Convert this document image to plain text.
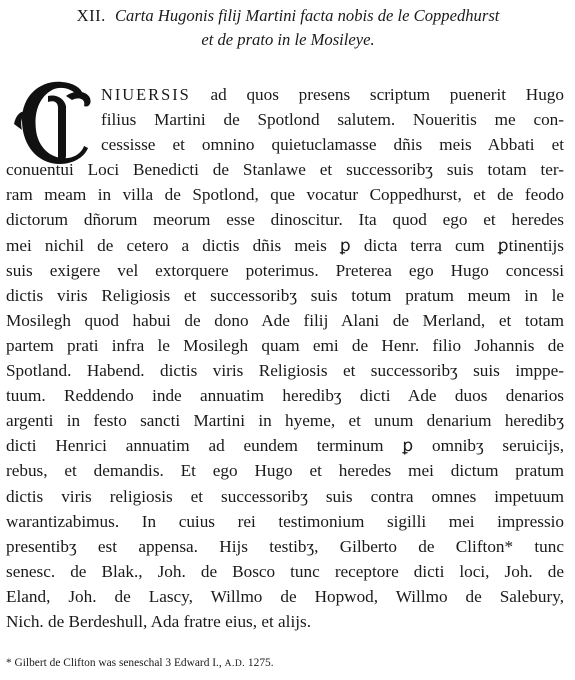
XII. Carta Hugonis filij Martini facta nobis de le Coppedhurst
et de prato in le Mosileye.
NIUERSIS ad quos presens scriptum puenerit Hugo
filius Martini de Spotlond salutem. Noueritis me con-
cessisse et omnino quietuclamasse dñis meis Abbati et
conuentui Loci Benedicti de Stanlawe et successoribʒ suis totam ter-
ram meam in villa de Spotlond, que vocatur Coppedhurst, et de feodo
dictorum dñorum meorum esse dinoscitur. Ita quod ego et heredes
mei nichil de cetero a dictis dñis meis ꝑ dicta terra cum ꝑtinentijs
suis exigere vel extorquere poterimus. Preterea ego Hugo concessi
dictis viris Religiosis et successoribʒ suis totum pratum meum in le
Mosilegh quod habui de dono Ade filij Alani de Merland, et totam
partem prati infra le Mosilegh quam emi de Henr. filio Johannis de
Spotland. Habend. dictis viris Religiosis et successoribʒ suis imppe-
tuum. Reddendo inde annuatim heredibʒ dicti Ade duos denarios
argenti in festo sancti Martini in hyeme, et unum denarium heredibʒ
dicti Henrici annuatim ad eundem terminum ꝑ omnibʒ seruicijs,
rebus, et demandis. Et ego Hugo et heredes mei dictum pratum
dictis viris religiosis et successoribʒ suis contra omnes impetuum
warantizabimus. In cuius rei testimonium sigilli mei impressio
presentibʒ est appensa. Hijs testibʒ, Gilberto de Clifton* tunc
senesc. de Blak., Joh. de Bosco tunc receptore dicti loci, Joh. de
Eland, Joh. de Lascy, Willmo de Hopwod, Willmo de Salebury,
Nich. de Berdeshull, Ada fratre eius, et alijs.
* Gilbert de Clifton was seneschal 3 Edward I., A.D. 1275.
